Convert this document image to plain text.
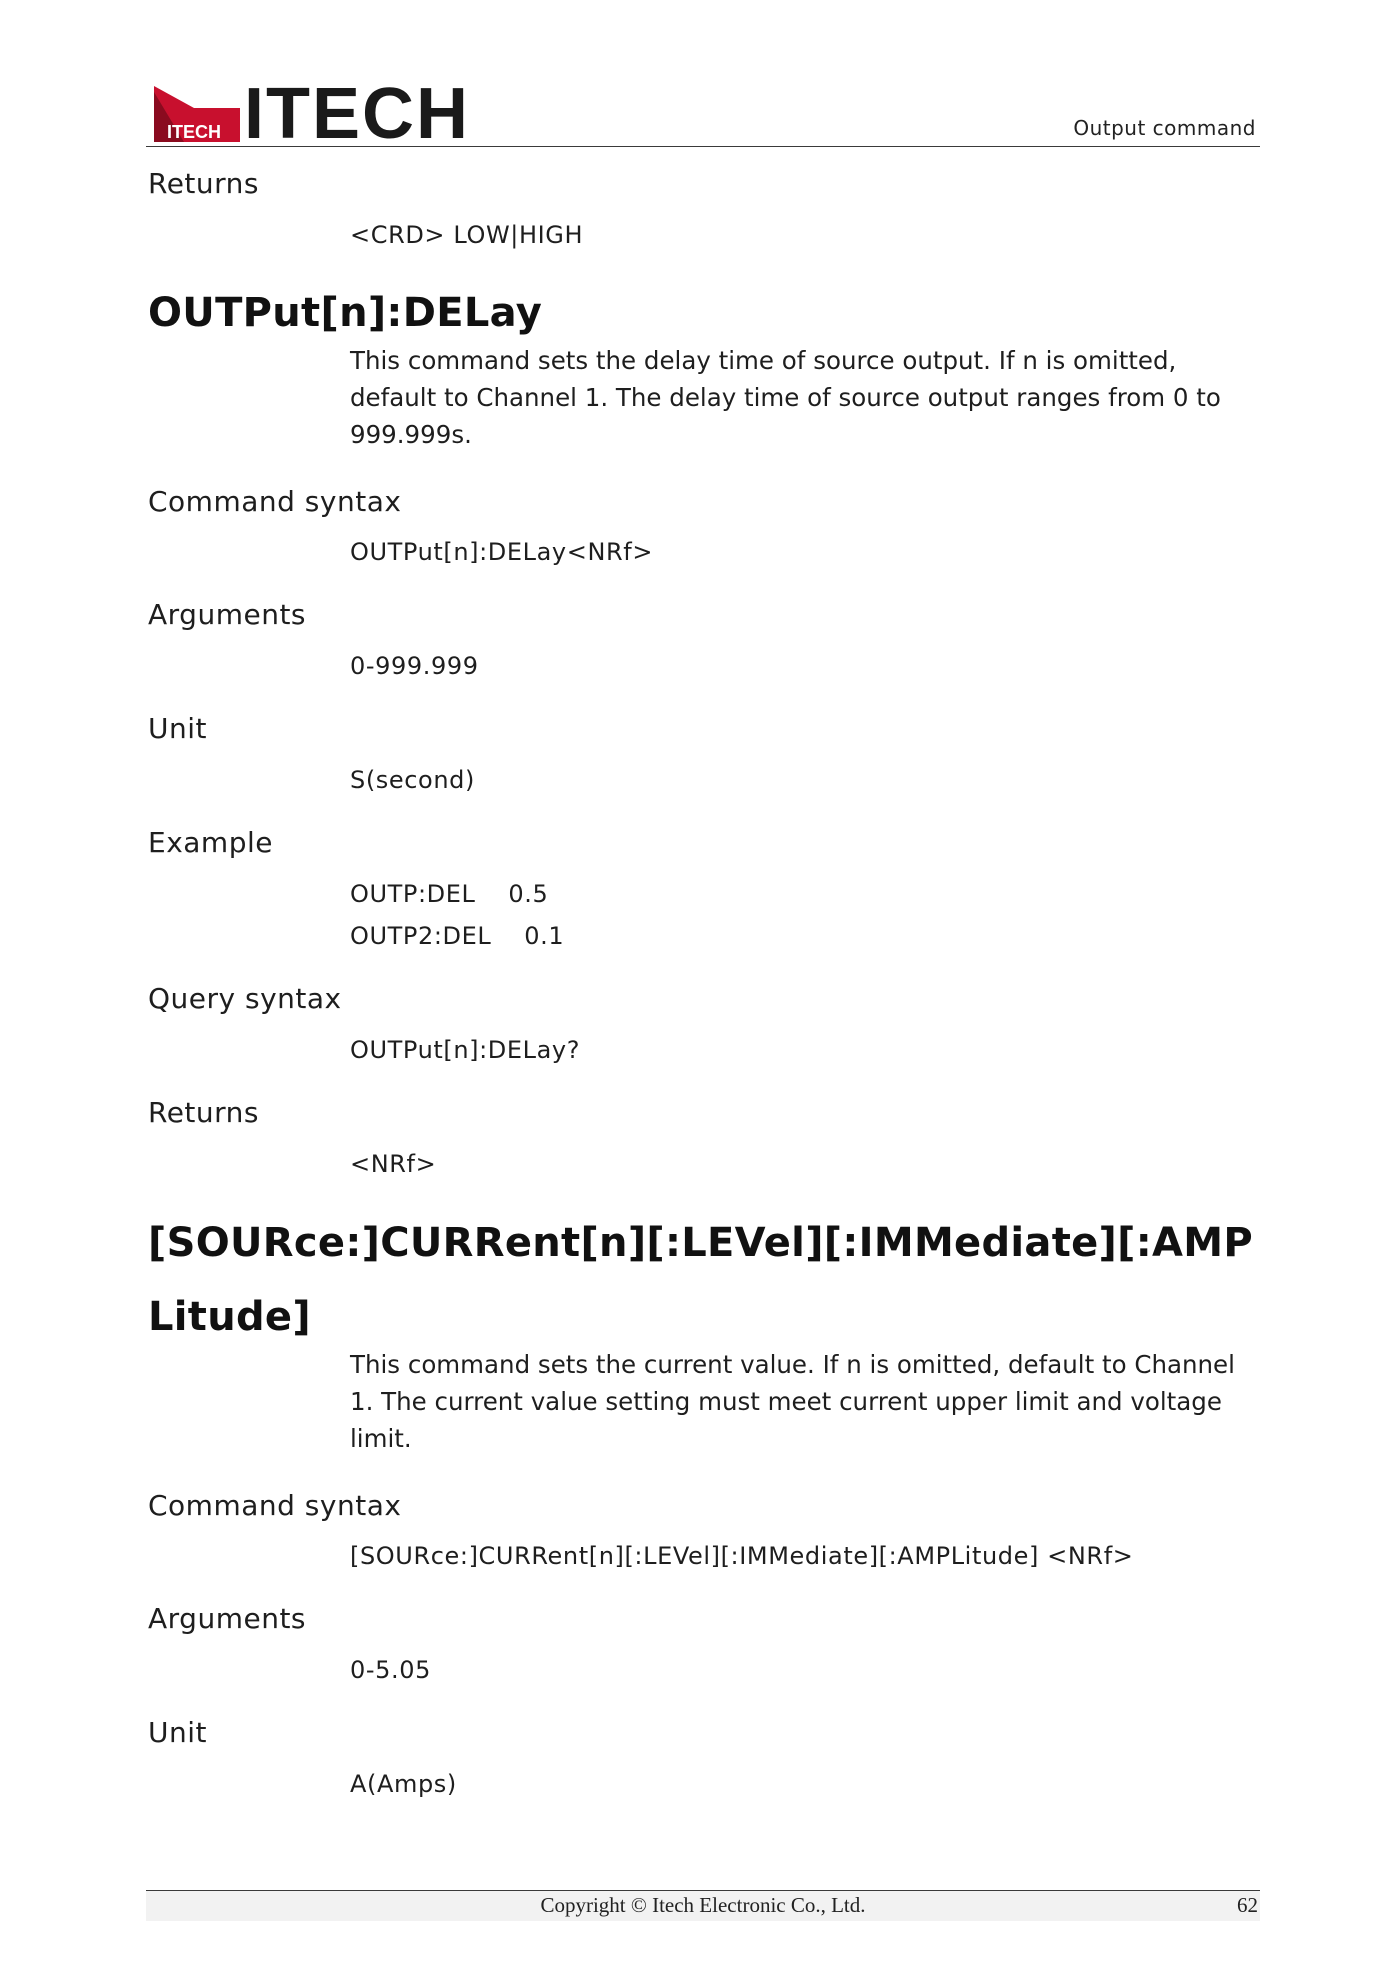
ITECH ITECH	Output command

Returns

<CRD> LOW|HIGH

OUTPut[n]:DELay

This command sets the delay time of source output. If n is omitted, default to Channel 1. The delay time of source output ranges from 0 to 999.999s.

Command syntax

OUTPut[n]:DELay<NRf>

Arguments

0-999.999

Unit

S(second)

Example

OUTP:DEL    0.5

OUTP2:DEL    0.1

Query syntax

OUTPut[n]:DELay?

Returns

<NRf>

[SOURce:]CURRent[n][:LEVel][:IMMediate][:AMPLitude]

This command sets the current value. If n is omitted, default to Channel 1. The current value setting must meet current upper limit and voltage limit.

Command syntax

[SOURce:]CURRent[n][:LEVel][:IMMediate][:AMPLitude] <NRf>

Arguments

0-5.05

Unit

A(Amps)

Copyright © Itech Electronic Co., Ltd.	62
